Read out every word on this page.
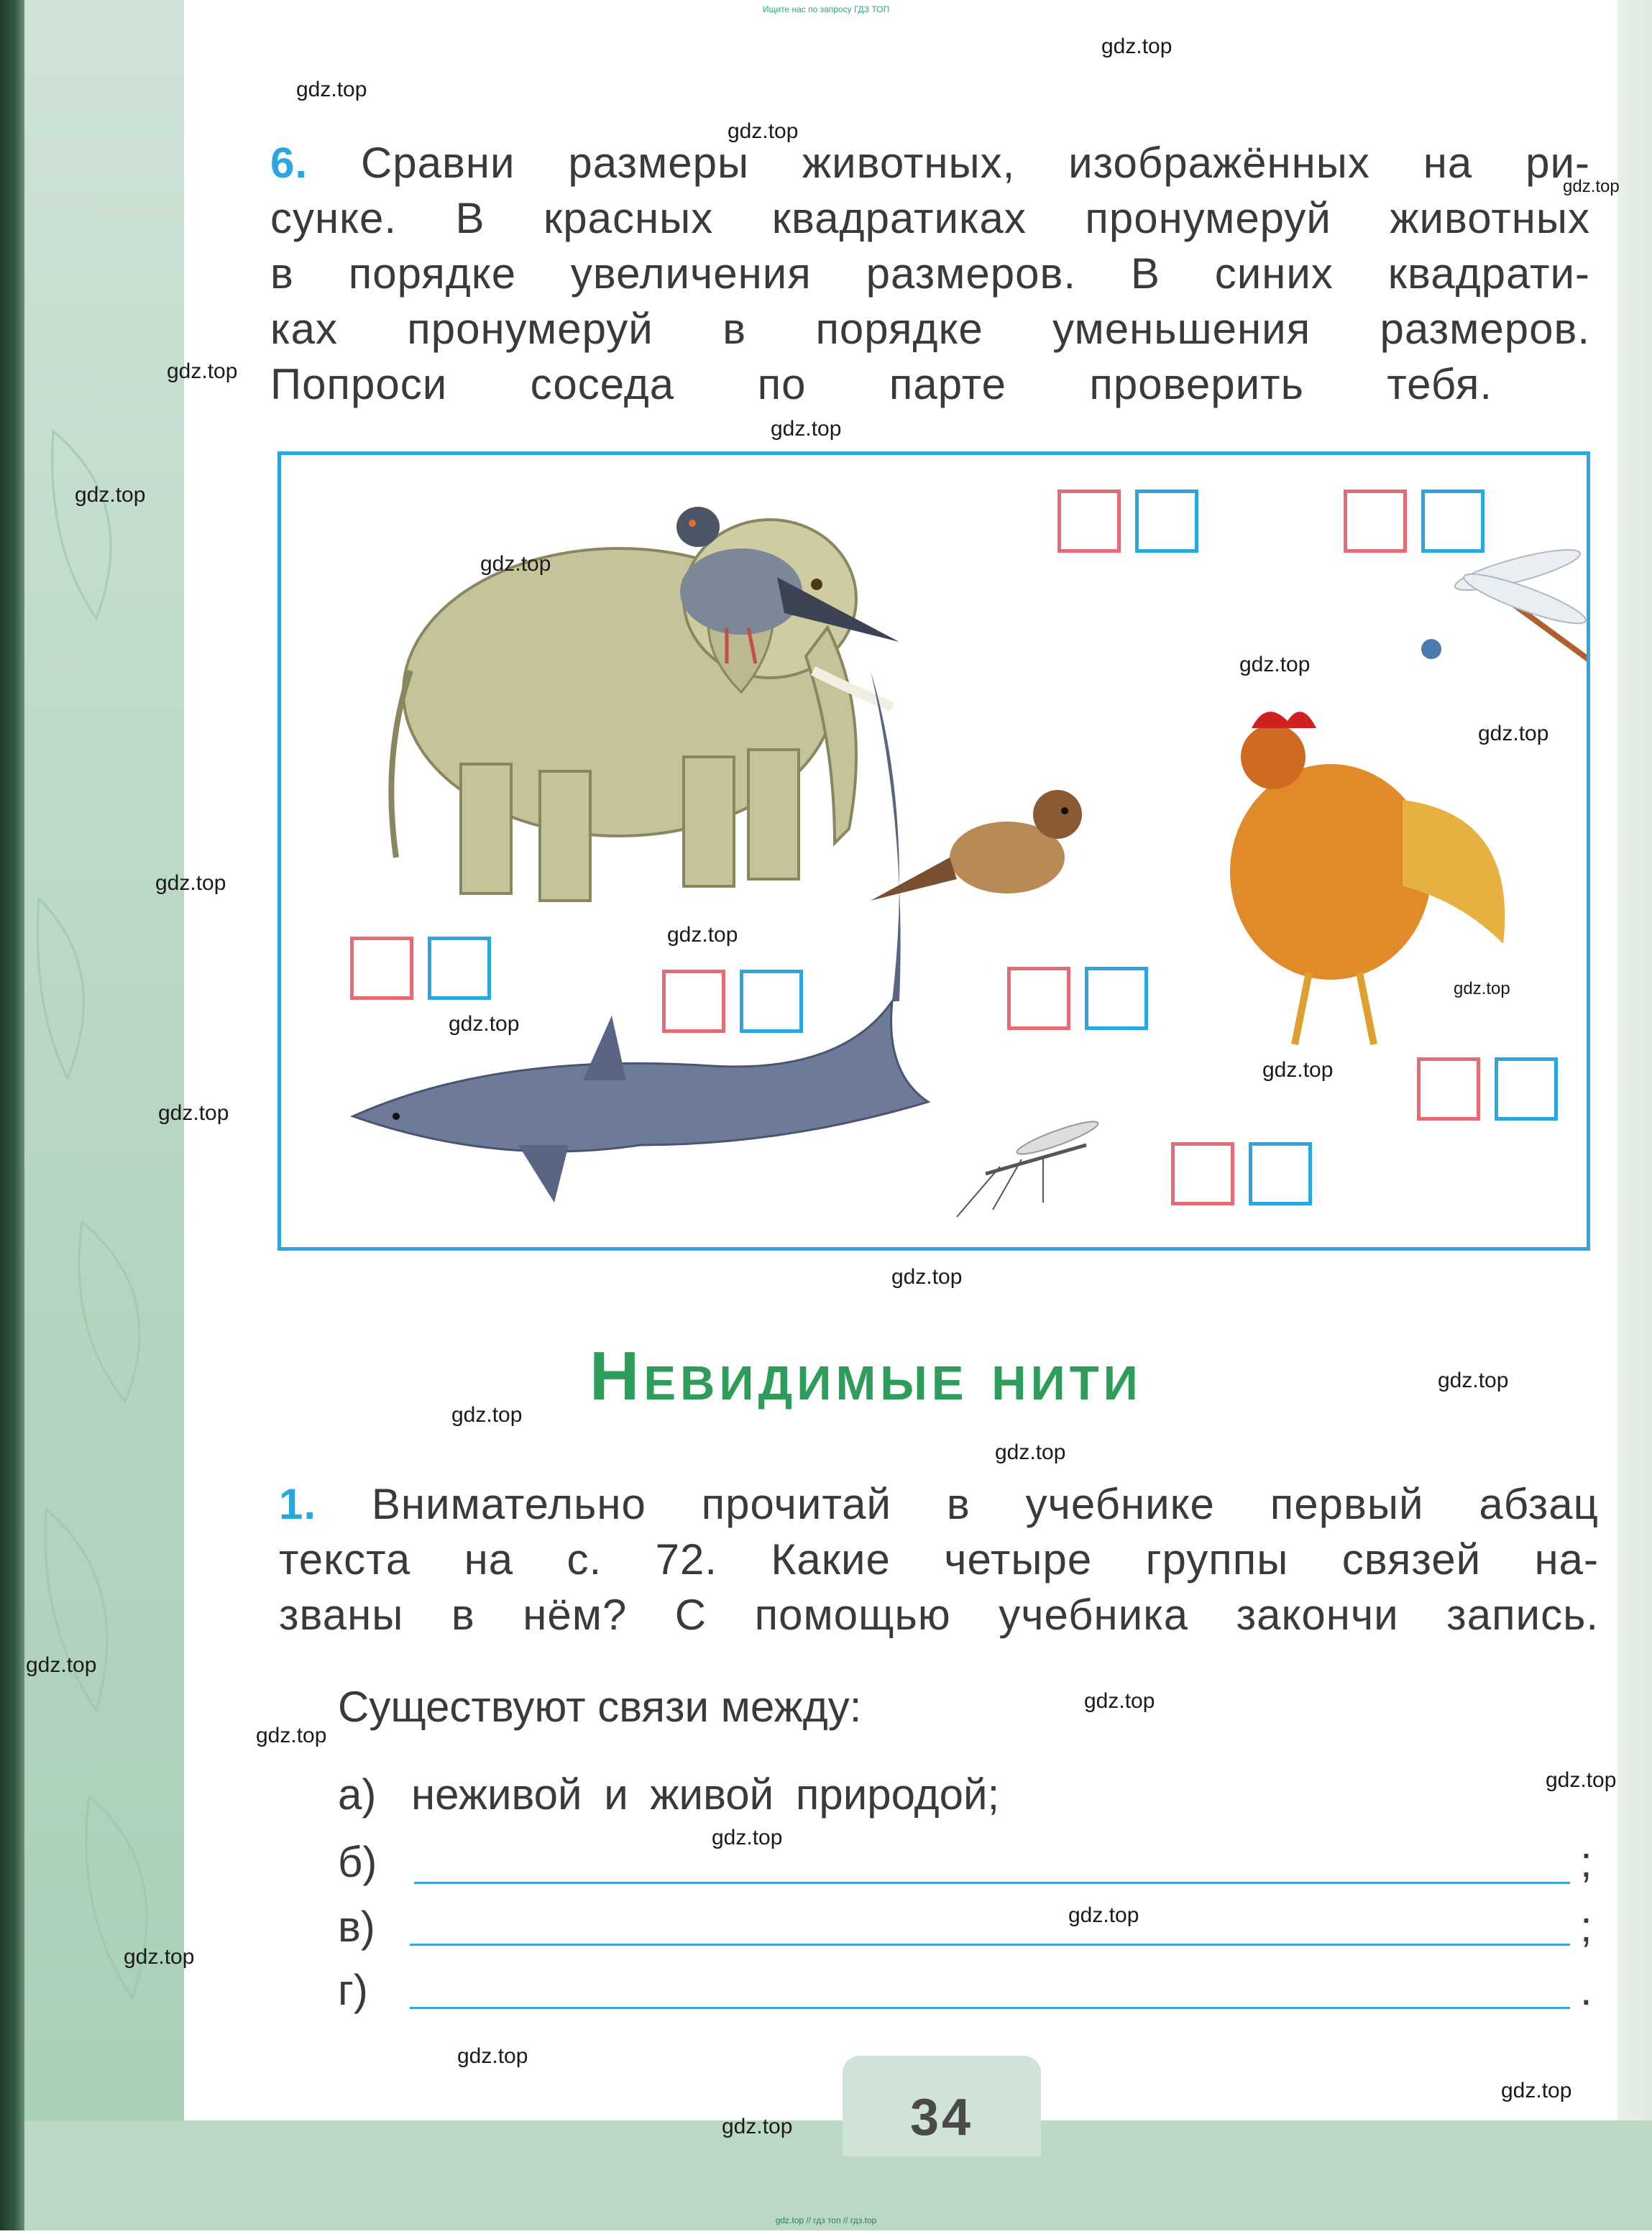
34
Ищите нас по запросу ГДЗ ТОП
gdz.top // гдз топ // гдз.top
6. Сравни размеры животных, изображённых на ри-
сунке. В красных квадратиках пронумеруй животных
в порядке увеличения размеров. В синих квадрати-
ках пронумеруй в порядке уменьшения размеров.
Попроси соседа по парте проверить тебя.
Невидимые нити
1. Внимательно прочитай в учебнике первый абзац
текста на с. 72. Какие четыре группы связей на-
званы в нём? С помощью учебника закончи запись.
Существуют связи между:
а) неживой и живой природой;
б)	;
в)	;
г)	.
gdz.top
gdz.top
gdz.top
gdz.top
gdz.top
gdz.top
gdz.top
gdz.top
gdz.top
gdz.top
gdz.top
gdz.top
gdz.top
gdz.top
gdz.top
gdz.top
gdz.top
gdz.top
gdz.top
gdz.top
gdz.top
gdz.top
gdz.top
gdz.top
gdz.top
gdz.top
gdz.top
gdz.top
gdz.top
gdz.top
